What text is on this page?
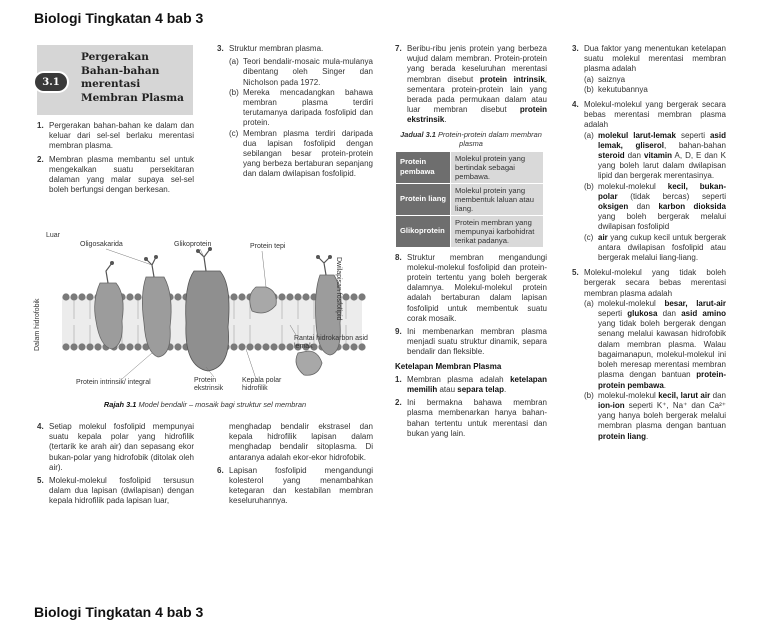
Biologi Tingkatan 4 bab 3
3.1
Pergerakan
Bahan-bahan
merentasi
Membran Plasma
1. Pergerakan bahan-bahan ke dalam dan keluar dari sel-sel berlaku merentasi membran plasma.
2. Membran plasma membantu sel untuk mengekalkan suatu persekitaran dalaman yang malar supaya sel-sel boleh berfungsi dengan berkesan.
3. Struktur membran plasma.
(a) Teori bendalir-mosaic mula-mulanya dibentang oleh Singer dan Nicholson pada 1972.
(b) Mereka mencadangkan bahawa membran plasma terdiri terutamanya daripada fosfolipid dan protein.
(c) Membran plasma terdiri daripada dua lapisan fosfolipid dengan sebilangan besar protein-protein yang berbeza bertaburan sepanjang dan dalam dwilapisan fosfolipid.
Luar
Oligosakarida	Glikoprotein	Protein tepi
Dwilapisan fosfolipid
Dalam hidrofobik
Protein intrinsik/ integral	Protein ekstrinsik
Kepala polar hidrofilik
Rantai hidrokarbon asid lemak
Rajah 3.1 Model bendalir – mosaik bagi struktur sel membran
4. Setiap molekul fosfolipid mempunyai suatu kepala polar yang hidrofilik (tertarik ke arah air) dan sepasang ekor bukan-polar yang hidrofobik (ditolak oleh air).
5. Molekul-molekul fosfolipid tersusun dalam dua lapisan (dwilapisan) dengan kepala hidrofilik pada lapisan luar,

menghadap bendalir ekstrasel dan kepala hidrofilik lapisan dalam menghadap bendalir sitoplasma. Di antaranya adalah ekor-ekor hidrofobik.

6. Lapisan fosfolipid mengandungi kolesterol yang menambahkan ketegaran dan kestabilan membran keseluruhannya.
7. Beribu-ribu jenis protein yang berbeza wujud dalam membran. Protein-protein yang berada keseluruhan merentasi membran disebut protein intrinsik, sementara protein-protein lain yang berada pada permukaan dalam atau luar membran disebut protein ekstrinsik.
Jadual 3.1 Protein-protein dalam membran plasma
Protein pembawa	Molekul protein yang bertindak sebagai pembawa.
Protein liang	Molekul protein yang membentuk laluan atau liang.
Glikoprotein	Protein membran yang mempunyai karbohidrat terikat padanya.
8. Struktur membran mengandungi molekul-molekul fosfolipid dan protein-protein tertentu yang boleh bergerak dalamnya. Molekul-molekul protein adalah bertaburan dalam lapisan fosfolipid untuk membentuk suatu corak mosaik.
9. Ini membenarkan membran plasma menjadi suatu struktur dinamik, separa bendalir dan fleksible.
Ketelapan Membran Plasma
1. Membran plasma adalah ketelapan memilih atau separa telap.
2. Ini bermakna bahawa membran plasma membenarkan hanya bahan-bahan tertentu untuk merentasi dan bukan yang lain.
3. Dua faktor yang menentukan ketelapan suatu molekul merentasi membran plasma adalah
(a) saiznya
(b) kekutubannya
4. Molekul-molekul yang bergerak secara bebas merentasi membran plasma adalah
(a) molekul larut-lemak seperti asid lemak, gliserol, bahan-bahan steroid dan vitamin A, D, E dan K yang boleh larut dalam dwilapisan lipid dan bergerak merentasinya.
(b) molekul-molekul kecil, bukan-polar (tidak bercas) seperti oksigen dan karbon dioksida yang boleh bergerak melalui dwilapisan fosfolipid
(c) air yang cukup kecil untuk bergerak antara dwilapisan fosfolipid atau bergerak melalui liang-liang.
5. Molekul-molekul yang tidak boleh bergerak secara bebas merentasi membran plasma adalah
(a) molekul-molekul besar, larut-air seperti glukosa dan asid amino yang tidak boleh bergerak dengan senang melalui kawasan hidrofobik dalam membran plasma. Walau bagaimanapun, molekul-molekul ini boleh meresap merentasi membran plasma dengan bantuan protein-protein pembawa.
(b) molekul-molekul kecil, larut air dan ion-ion seperti K⁺, Na⁺ dan Ca²⁺ yang hanya boleh bergerak melalui membran plasma dengan bantuan protein liang.
Biologi Tingkatan 4 bab 3
